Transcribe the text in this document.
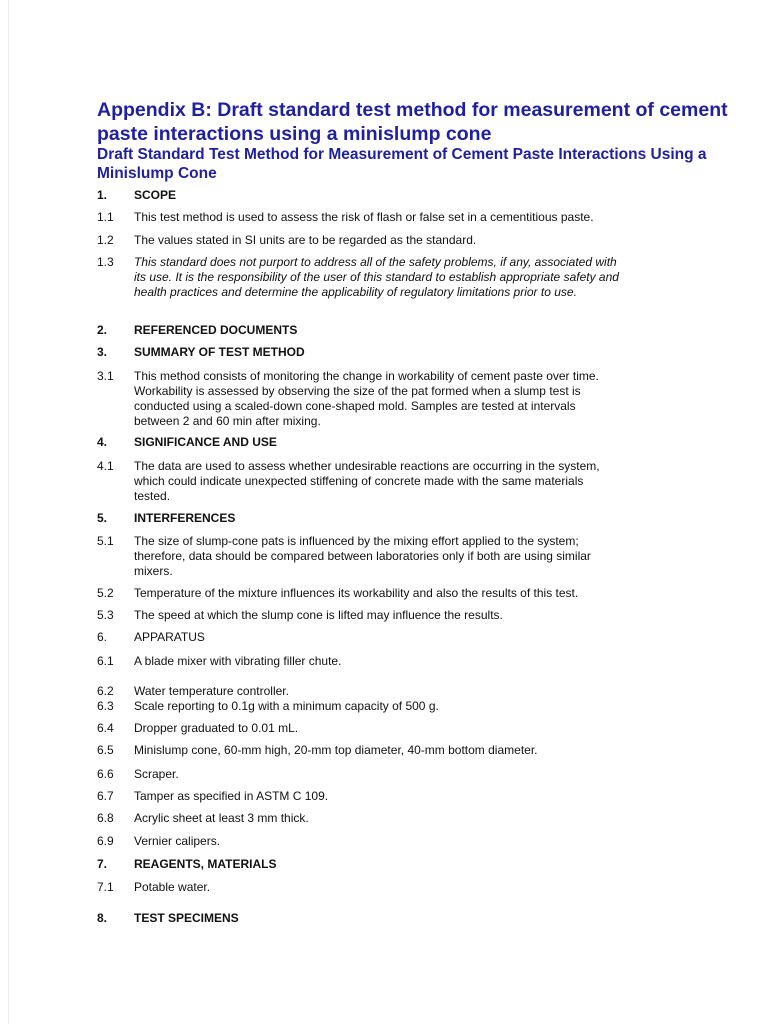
Appendix B: Draft standard test method for measurement of cement paste interactions using a minislump cone
Draft Standard Test Method for Measurement of Cement Paste Interactions Using a Minislump Cone
1.	SCOPE
1.1	This test method is used to assess the risk of flash or false set in a cementitious paste.
1.2	The values stated in SI units are to be regarded as the standard.
1.3	This standard does not purport to address all of the safety problems, if any, associated with its use. It is the responsibility of the user of this standard to establish appropriate safety and health practices and determine the applicability of regulatory limitations prior to use.
2.	REFERENCED DOCUMENTS
3.	SUMMARY OF TEST METHOD
3.1	This method consists of monitoring the change in workability of cement paste over time. Workability is assessed by observing the size of the pat formed when a slump test is conducted using a scaled-down cone-shaped mold. Samples are tested at intervals between 2 and 60 min after mixing.
4.	SIGNIFICANCE AND USE
4.1	The data are used to assess whether undesirable reactions are occurring in the system, which could indicate unexpected stiffening of concrete made with the same materials tested.
5.	INTERFERENCES
5.1	The size of slump-cone pats is influenced by the mixing effort applied to the system; therefore, data should be compared between laboratories only if both are using similar mixers.
5.2	Temperature of the mixture influences its workability and also the results of this test.
5.3	The speed at which the slump cone is lifted may influence the results.
6.	APPARATUS
6.1	A blade mixer with vibrating filler chute.
6.2	Water temperature controller.
6.3	Scale reporting to 0.1g with a minimum capacity of 500 g.
6.4	Dropper graduated to 0.01 mL.
6.5	Minislump cone, 60-mm high, 20-mm top diameter, 40-mm bottom diameter.
6.6	Scraper.
6.7	Tamper as specified in ASTM C 109.
6.8	Acrylic sheet at least 3 mm thick.
6.9	Vernier calipers.
7.	REAGENTS, MATERIALS
7.1	Potable water.
8.	TEST SPECIMENS
